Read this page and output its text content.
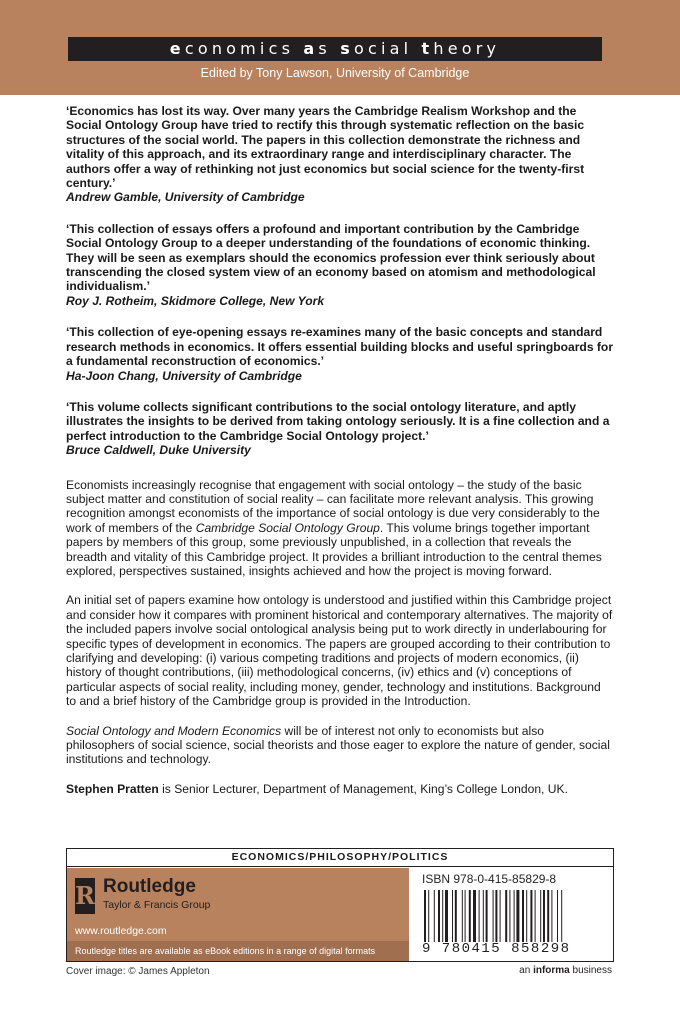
economics as social theory
Edited by Tony Lawson, University of Cambridge
‘Economics has lost its way. Over many years the Cambridge Realism Workshop and the Social Ontology Group have tried to rectify this through systematic reflection on the basic structures of the social world. The papers in this collection demonstrate the richness and vitality of this approach, and its extraordinary range and interdisciplinary character. The authors offer a way of rethinking not just economics but social science for the twenty-first century.’
Andrew Gamble, University of Cambridge
‘This collection of essays offers a profound and important contribution by the Cambridge Social Ontology Group to a deeper understanding of the foundations of economic thinking. They will be seen as exemplars should the economics profession ever think seriously about transcending the closed system view of an economy based on atomism and methodological individualism.’
Roy J. Rotheim, Skidmore College, New York
‘This collection of eye-opening essays re-examines many of the basic concepts and standard research methods in economics. It offers essential building blocks and useful springboards for a fundamental reconstruction of economics.’
Ha-Joon Chang, University of Cambridge
‘This volume collects significant contributions to the social ontology literature, and aptly illustrates the insights to be derived from taking ontology seriously. It is a fine collection and a perfect introduction to the Cambridge Social Ontology project.’
Bruce Caldwell, Duke University

Economists increasingly recognise that engagement with social ontology – the study of the basic subject matter and constitution of social reality – can facilitate more relevant analysis. This growing recognition amongst economists of the importance of social ontology is due very considerably to the work of members of the Cambridge Social Ontology Group. This volume brings together important papers by members of this group, some previously unpublished, in a collection that reveals the breadth and vitality of this Cambridge project. It provides a brilliant introduction to the central themes explored, perspectives sustained, insights achieved and how the project is moving forward.

An initial set of papers examine how ontology is understood and justified within this Cambridge project and consider how it compares with prominent historical and contemporary alternatives. The majority of the included papers involve social ontological analysis being put to work directly in underlabouring for specific types of development in economics. The papers are grouped according to their contribution to clarifying and developing: (i) various competing traditions and projects of modern economics, (ii) history of thought contributions, (iii) methodological concerns, (iv) ethics and (v) conceptions of particular aspects of social reality, including money, gender, technology and institutions. Background to and a brief history of the Cambridge group is provided in the Introduction.

Social Ontology and Modern Economics will be of interest not only to economists but also philosophers of social science, social theorists and those eager to explore the nature of gender, social institutions and technology.

Stephen Pratten is Senior Lecturer, Department of Management, King’s College London, UK.

ECONOMICS/PHILOSOPHY/POLITICS
R Routledge
Taylor & Francis Group
www.routledge.com
Routledge titles are available as eBook editions in a range of digital formats
ISBN 978-0-415-85829-8
9 780415 858298
Cover image: © James Appleton	an informa business
